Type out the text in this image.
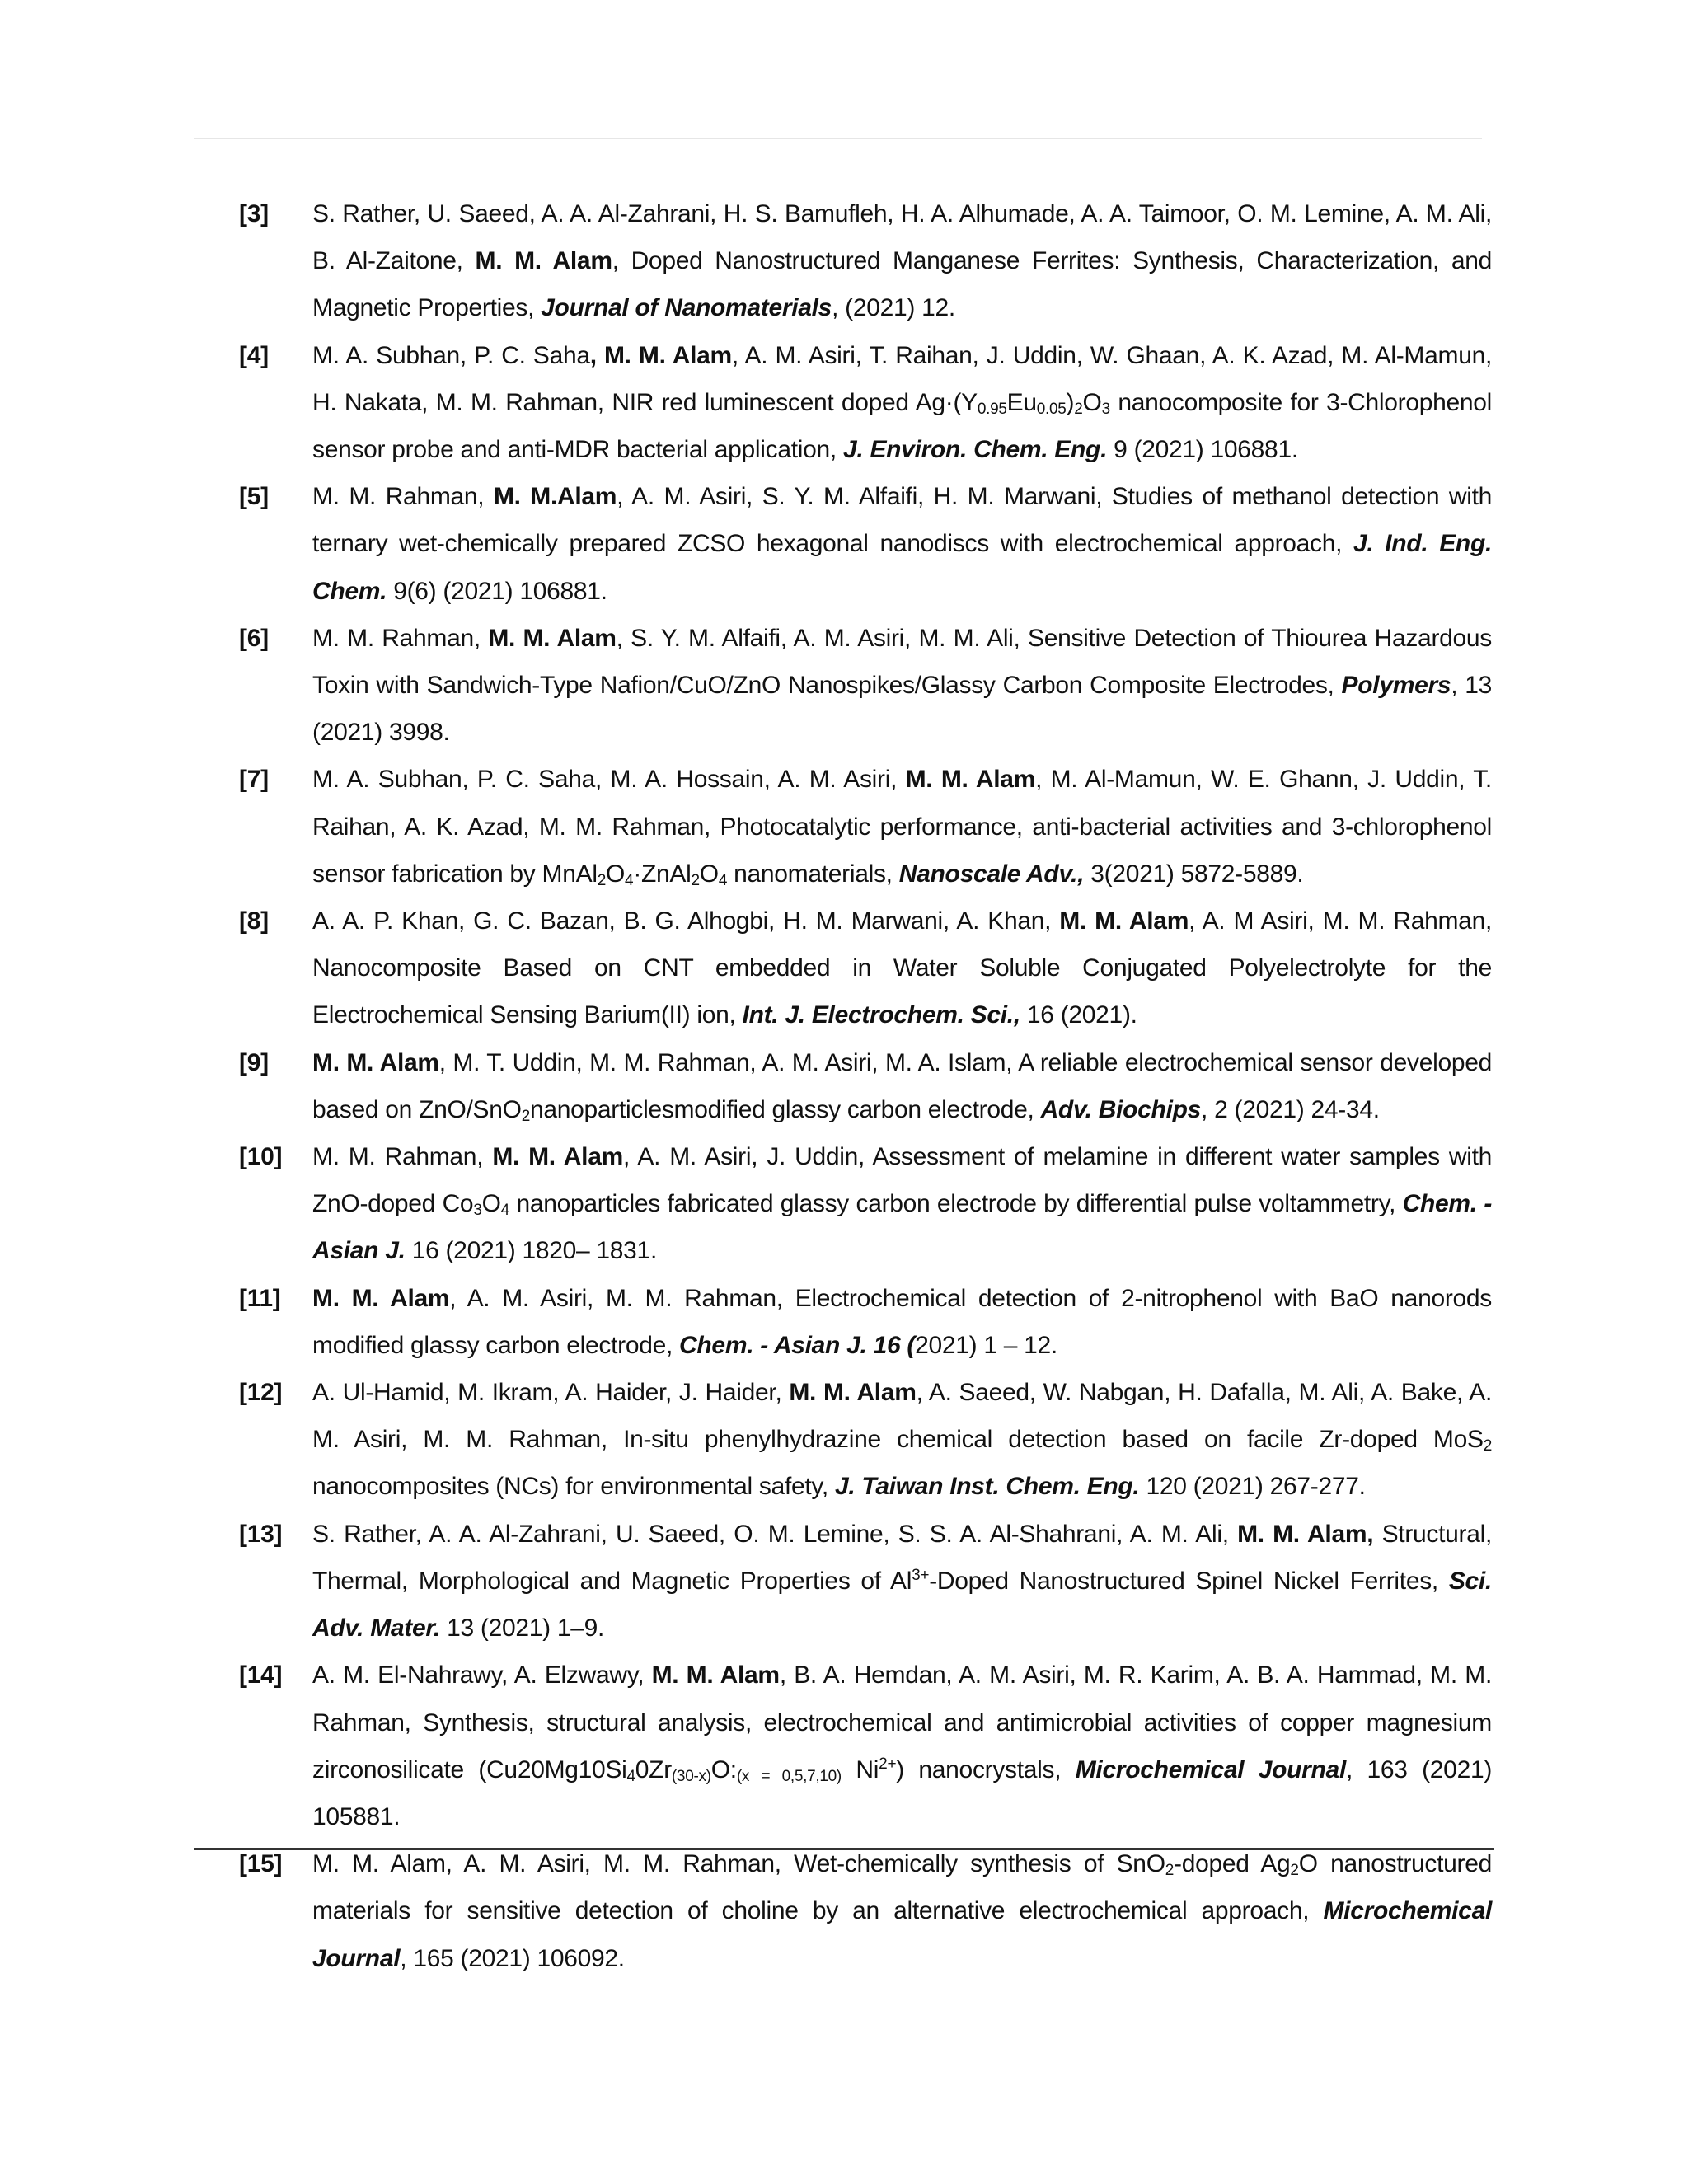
[3] S. Rather, U. Saeed, A. A. Al-Zahrani, H. S. Bamufleh, H. A. Alhumade, A. A. Taimoor, O. M. Lemine, A. M. Ali, B. Al-Zaitone, M. M. Alam, Doped Nanostructured Manganese Ferrites: Synthesis, Characterization, and Magnetic Properties, Journal of Nanomaterials, (2021) 12.
[4] M. A. Subhan, P. C. Saha, M. M. Alam, A. M. Asiri, T. Raihan, J. Uddin, W. Ghaan, A. K. Azad, M. Al-Mamun, H. Nakata, M. M. Rahman, NIR red luminescent doped $Ag\cdot(Y_{0.95}Eu_{0.05})_2O_3$ nanocomposite for 3-Chlorophenol sensor probe and anti-MDR bacterial application, J. Environ. Chem. Eng. 9 (2021) 106881.
[5] M. M. Rahman, M. M.Alam, A. M. Asiri, S. Y. M. Alfaifi, H. M. Marwani, Studies of methanol detection with ternary wet-chemically prepared ZCSO hexagonal nanodiscs with electrochemical approach, J. Ind. Eng. Chem. 9(6) (2021) 106881.
[6] M. M. Rahman, M. M. Alam, S. Y. M. Alfaifi, A. M. Asiri, M. M. Ali, Sensitive Detection of Thiourea Hazardous Toxin with Sandwich-Type Nafion/CuO/ZnO Nanospikes/Glassy Carbon Composite Electrodes, Polymers, 13 (2021) 3998.
[7] M. A. Subhan, P. C. Saha, M. A. Hossain, A. M. Asiri, M. M. Alam, M. Al-Mamun, W. E. Ghann, J. Uddin, T. Raihan, A. K. Azad, M. M. Rahman, Photocatalytic performance, anti-bacterial activities and 3-chlorophenol sensor fabrication by $MnAl_2O_4\cdot ZnAl_2O_4$ nanomaterials, Nanoscale Adv., 3(2021) 5872-5889.
[8] A. A. P. Khan, G. C. Bazan, B. G. Alhogbi, H. M. Marwani, A. Khan, M. M. Alam, A. M Asiri, M. M. Rahman, Nanocomposite Based on CNT embedded in Water Soluble Conjugated Polyelectrolyte for the Electrochemical Sensing Barium(II) ion, Int. J. Electrochem. Sci., 16 (2021).
[9] M. M. Alam, M. T. Uddin, M. M. Rahman, A. M. Asiri, M. A. Islam, A reliable electrochemical sensor developed based on ZnO/SnO$_2$nanoparticlesmodified glassy carbon electrode, Adv. Biochips, 2 (2021) 24-34.
[10] M. M. Rahman, M. M. Alam, A. M. Asiri, J. Uddin, Assessment of melamine in different water samples with ZnO-doped $Co_3O_4$ nanoparticles fabricated glassy carbon electrode by differential pulse voltammetry, Chem. - Asian J. 16 (2021) 1820– 1831.
[11] M. M. Alam, A. M. Asiri, M. M. Rahman, Electrochemical detection of 2-nitrophenol with BaO nanorods modified glassy carbon electrode, Chem. - Asian J. 16 (2021) 1 – 12.
[12] A. Ul-Hamid, M. Ikram, A. Haider, J. Haider, M. M. Alam, A. Saeed, W. Nabgan, H. Dafalla, M. Ali, A. Bake, A. M. Asiri, M. M. Rahman, In-situ phenylhydrazine chemical detection based on facile Zr-doped MoS$_2$ nanocomposites (NCs) for environmental safety, J. Taiwan Inst. Chem. Eng. 120 (2021) 267-277.
[13] S. Rather, A. A. Al-Zahrani, U. Saeed, O. M. Lemine, S. S. A. Al-Shahrani, A. M. Ali, M. M. Alam, Structural, Thermal, Morphological and Magnetic Properties of $Al^{3+}$-Doped Nanostructured Spinel Nickel Ferrites, Sci. Adv. Mater. 13 (2021) 1–9.
[14] A. M. El-Nahrawy, A. Elzwawy, M. M. Alam, B. A. Hemdan, A. M. Asiri, M. R. Karim, A. B. A. Hammad, M. M. Rahman, Synthesis, structural analysis, electrochemical and antimicrobial activities of copper magnesium zirconosilicate ($Cu20Mg10Si_40Zr_{(30-x)}O:_{(x = 0,5,7,10)}$ $Ni^{2+}$) nanocrystals, Microchemical Journal, 163 (2021) 105881.
[15] M. M. Alam, A. M. Asiri, M. M. Rahman, Wet-chemically synthesis of SnO$_2$-doped $Ag_2O$ nanostructured materials for sensitive detection of choline by an alternative electrochemical approach, Microchemical Journal, 165 (2021) 106092.
